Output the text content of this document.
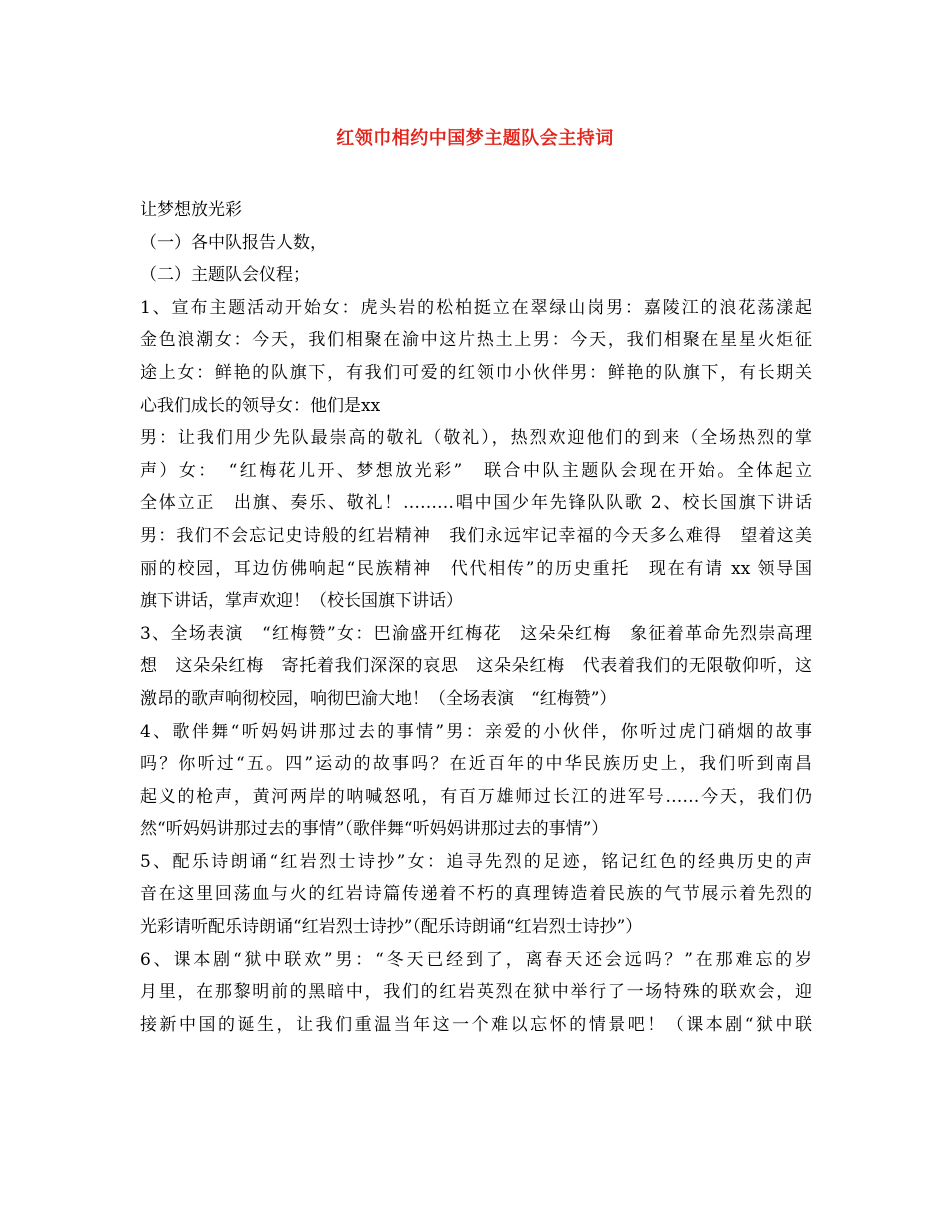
红领巾相约中国梦主题队会主持词
让梦想放光彩
（一）各中队报告人数，
（二）主题队会仪程；
1、宣布主题活动开始女：虎头岩的松柏挺立在翠绿山岗男：嘉陵江的浪花荡漾起
金色浪潮女：今天，我们相聚在渝中这片热土上男：今天，我们相聚在星星火炬征
途上女：鲜艳的队旗下，有我们可爱的红领巾小伙伴男：鲜艳的队旗下，有长期关
心我们成长的领导女：他们是xx
男：让我们用少先队最崇高的敬礼（敬礼），热烈欢迎他们的到来（全场热烈的掌
声）女：　“红梅花儿开、梦想放光彩”　联合中队主题队会现在开始。全体起立
全体立正　出旗、奏乐、敬礼！………唱中国少年先锋队队歌 2、校长国旗下讲话
男：我们不会忘记史诗般的红岩精神　我们永远牢记幸福的今天多么难得　望着这美
丽的校园，耳边仿佛响起“民族精神　代代相传”的历史重托　现在有请 xx 领导国
旗下讲话，掌声欢迎！（校长国旗下讲话）
3、全场表演　“红梅赞”女：巴渝盛开红梅花　这朵朵红梅　象征着革命先烈崇高理
想　这朵朵红梅　寄托着我们深深的哀思　这朵朵红梅　代表着我们的无限敬仰听，这
激昂的歌声响彻校园，响彻巴渝大地！（全场表演　“红梅赞”）
4、歌伴舞“听妈妈讲那过去的事情”男：亲爱的小伙伴，你听过虎门硝烟的故事
吗？你听过“五。四”运动的故事吗？在近百年的中华民族历史上，我们听到南昌
起义的枪声，黄河两岸的呐喊怒吼，有百万雄师过长江的进军号……今天，我们仍
然“听妈妈讲那过去的事情”（歌伴舞“听妈妈讲那过去的事情”）
5、配乐诗朗诵“红岩烈士诗抄”女：追寻先烈的足迹，铭记红色的经典历史的声
音在这里回荡血与火的红岩诗篇传递着不朽的真理铸造着民族的气节展示着先烈的
光彩请听配乐诗朗诵“红岩烈士诗抄”（配乐诗朗诵“红岩烈士诗抄”）
6、课本剧“狱中联欢”男：“冬天已经到了，离春天还会远吗？”在那难忘的岁
月里，在那黎明前的黑暗中，我们的红岩英烈在狱中举行了一场特殊的联欢会，迎
接新中国的诞生，让我们重温当年这一个难以忘怀的情景吧！（课本剧“狱中联
